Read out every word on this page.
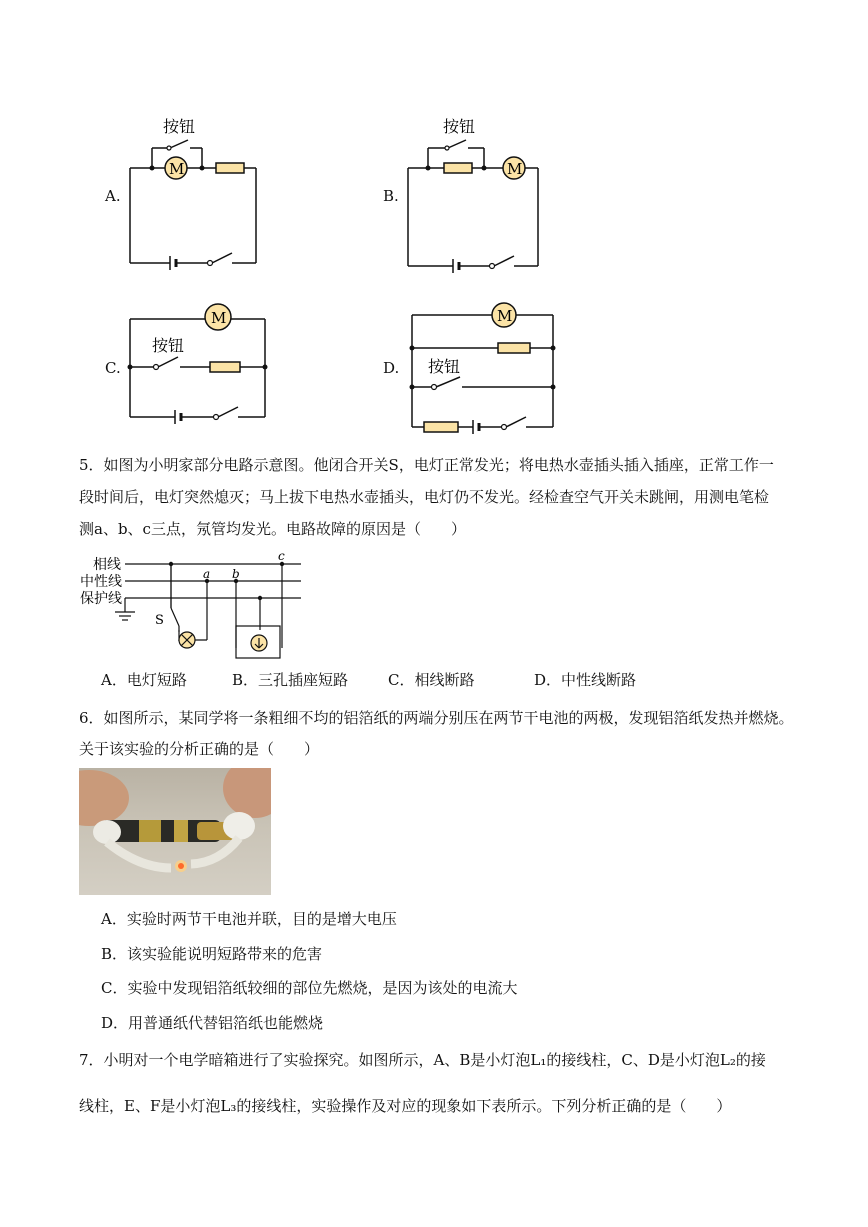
A.
按钮
M
B.
按钮
M
C.
按钮
M
D. 按钮
M
5．如图为小明家部分电路示意图。他闭合开关S，电灯正常发光；将电热水壶插头插入插座，正常工作一
段时间后，电灯突然熄灭；马上拔下电热水壶插头，电灯仍不发光。经检查空气开关未跳闸，用测电笔检
测a、b、c三点，氖管均发光。电路故障的原因是（　　）
相线
中性线
保护线
S
a b
c
A．电灯短路	B．三孔插座短路	C．相线断路	D．中性线断路
6．如图所示，某同学将一条粗细不均的铝箔纸的两端分别压在两节干电池的两极，发现铝箔纸发热并燃烧。
关于该实验的分析正确的是（　　）
A．实验时两节干电池并联，目的是增大电压
B．该实验能说明短路带来的危害
C．实验中发现铝箔纸较细的部位先燃烧，是因为该处的电流大
D．用普通纸代替铝箔纸也能燃烧
7．小明对一个电学暗箱进行了实验探究。如图所示，A、B是小灯泡L₁的接线柱，C、D是小灯泡L₂的接
线柱，E、F是小灯泡L₃的接线柱，实验操作及对应的现象如下表所示。下列分析正确的是（　　）
